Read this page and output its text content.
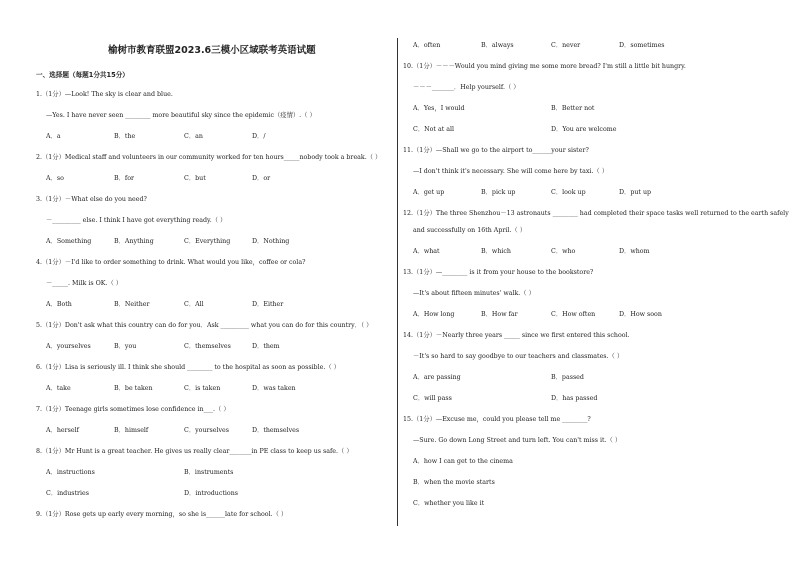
榆树市教育联盟2023.6三模小区域联考英语试题
一、选择题（每题1分共15分）
1.（1分）—Look! The sky is clear and blue.
—Yes. I have never seen ________ more beautiful sky since the epidemic（疫情）.（ ）
A．a	B．the	C．an	D．/
2.（1分）Medical staff and volunteers in our community worked for ten hours_____nobody took a break.（ ）
A．so	B．for	C．but	D．or
3.（1分）－What else do you need?
－_________ else. I think I have got everything ready.（ ）
A．Something	B．Anything	C．Everything	D．Nothing
4.（1分）－I'd like to order something to drink. What would you like，coffee or cola?
－_____. Milk is OK.（ ）
A．Both	B．Neither	C．All	D．Either
5.（1分）Don't ask what this country can do for you．Ask _________ what you can do for this country．（ ）
A．yourselves	B．you	C．themselves	D．them
6.（1分）Lisa is seriously ill. I think she should ________ to the hospital as soon as possible.（ ）
A．take	B．be taken	C．is taken	D．was taken
7.（1分）Teenage girls sometimes lose confidence in___.（ ）
A．herself	B．himself	C．yourselves	D．themselves
8.（1分）Mr Hunt is a great teacher. He gives us really clear_______in PE class to keep us safe.（ ）
A．instructions	B．instruments
C．industries	D．introductions
9.（1分）Rose gets up early every morning，so she is______late for school.（ ）
A．often	B．always	C．never	D．sometimes
10.（1分）－－－Would you mind giving me some more bread? I'm still a little bit hungry.
－－－_______．Help yourself.（ ）
A．Yes，I would	B．Better not
C．Not at all	D．You are welcome
11.（1分）—Shall we go to the airport to______your sister?
—I don't think it's necessary. She will come here by taxi.（ ）
A．get up	B．pick up	C．look up	D．put up
12.（1分）The three Shenzhou－13 astronauts ________ had completed their space tasks well returned to the earth safely
and successfully on 16th April.（ ）
A．what	B．which	C．who	D．whom
13.（1分）—________ is it from your house to the bookstore?
—It's about fifteen minutes' walk.（ ）
A．How long	B．How far	C．How often	D．How soon
14.（1分）－Nearly three years _____ since we first entered this school.
－It's so hard to say goodbye to our teachers and classmates.（ ）
A．are passing	B．passed
C．will pass	D．has passed
15.（1分）—Excuse me，could you please tell me ________?
—Sure. Go down Long Street and turn left. You can't miss it.（ ）
A．how I can get to the cinema
B．when the movie starts
C．whether you like it
